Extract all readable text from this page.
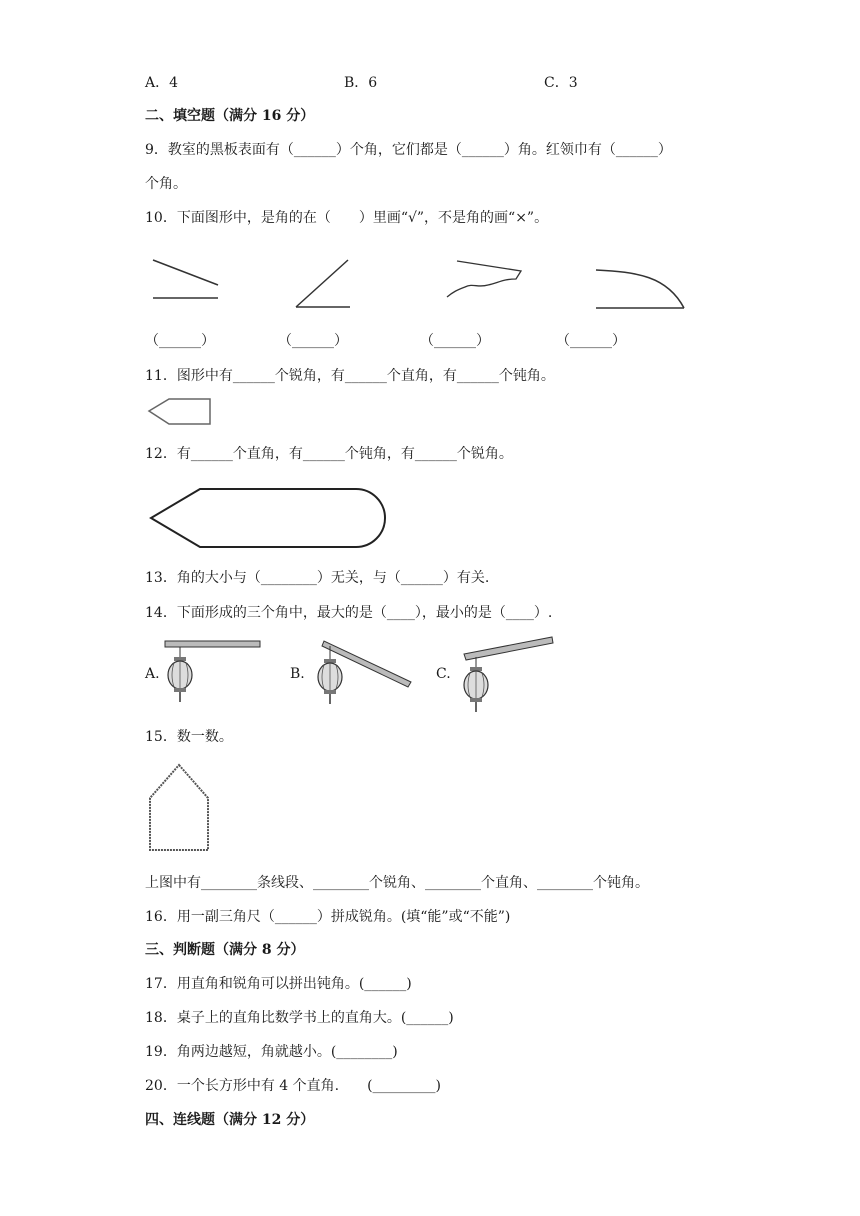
A．4	B．6	C．3
二、填空题（满分 16 分）
9．教室的黑板表面有（______）个角，它们都是（______）角。红领巾有（______）
个角。
10．下面图形中，是角的在（　　）里画“√”，不是角的画“×”。
（______）	（______）	（______）	（______）
11．图形中有______个锐角，有______个直角，有______个钝角。
12．有______个直角，有______个钝角，有______个锐角。
13．角的大小与（________）无关，与（______）有关.
14．下面形成的三个角中，最大的是（____），最小的是（____）.
A.	B.	C.
15．数一数。
上图中有________条线段、________个锐角、________个直角、________个钝角。
16．用一副三角尺（______）拼成锐角。(填“能”或“不能”)
三、判断题（满分 8 分）
17．用直角和锐角可以拼出钝角。(______)
18．桌子上的直角比数学书上的直角大。(______)
19．角两边越短，角就越小。(________)
20．一个长方形中有 4 个直角.　　(_________)
四、连线题（满分 12 分）
